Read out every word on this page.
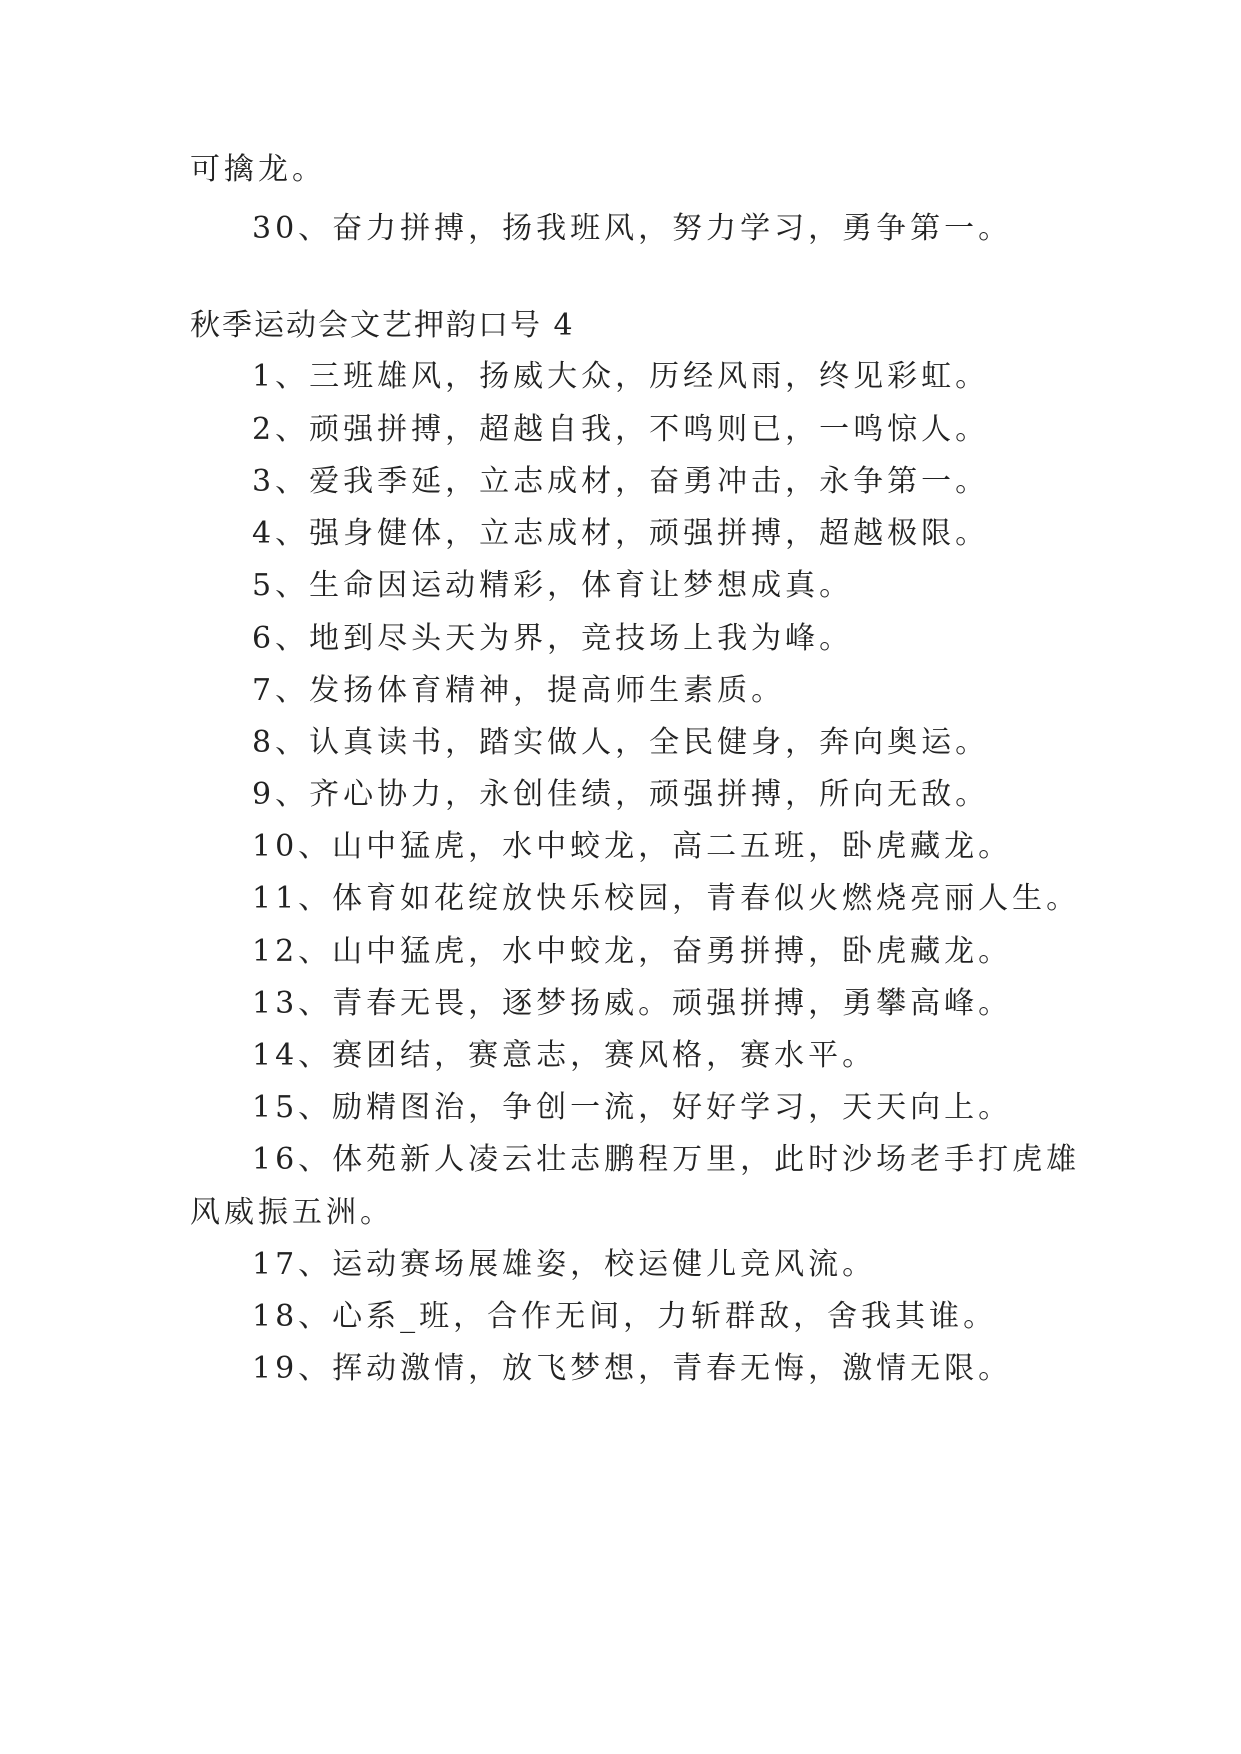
可擒龙。
30、奋力拼搏，扬我班风，努力学习，勇争第一。
秋季运动会文艺押韵口号 4
1、三班雄风，扬威大众，历经风雨，终见彩虹。
2、顽强拼搏，超越自我，不鸣则已，一鸣惊人。
3、爱我季延，立志成材，奋勇冲击，永争第一。
4、强身健体，立志成材，顽强拼搏，超越极限。
5、生命因运动精彩，体育让梦想成真。
6、地到尽头天为界，竞技场上我为峰。
7、发扬体育精神，提高师生素质。
8、认真读书，踏实做人，全民健身，奔向奥运。
9、齐心协力，永创佳绩，顽强拼搏，所向无敌。
10、山中猛虎，水中蛟龙，高二五班，卧虎藏龙。
11、体育如花绽放快乐校园，青春似火燃烧亮丽人生。
12、山中猛虎，水中蛟龙，奋勇拼搏，卧虎藏龙。
13、青春无畏，逐梦扬威。顽强拼搏，勇攀高峰。
14、赛团结，赛意志，赛风格，赛水平。
15、励精图治，争创一流，好好学习，天天向上。
16、体苑新人凌云壮志鹏程万里，此时沙场老手打虎雄
风威振五洲。
17、运动赛场展雄姿，校运健儿竞风流。
18、心系_班，合作无间，力斩群敌，舍我其谁。
19、挥动激情，放飞梦想，青春无悔，激情无限。
